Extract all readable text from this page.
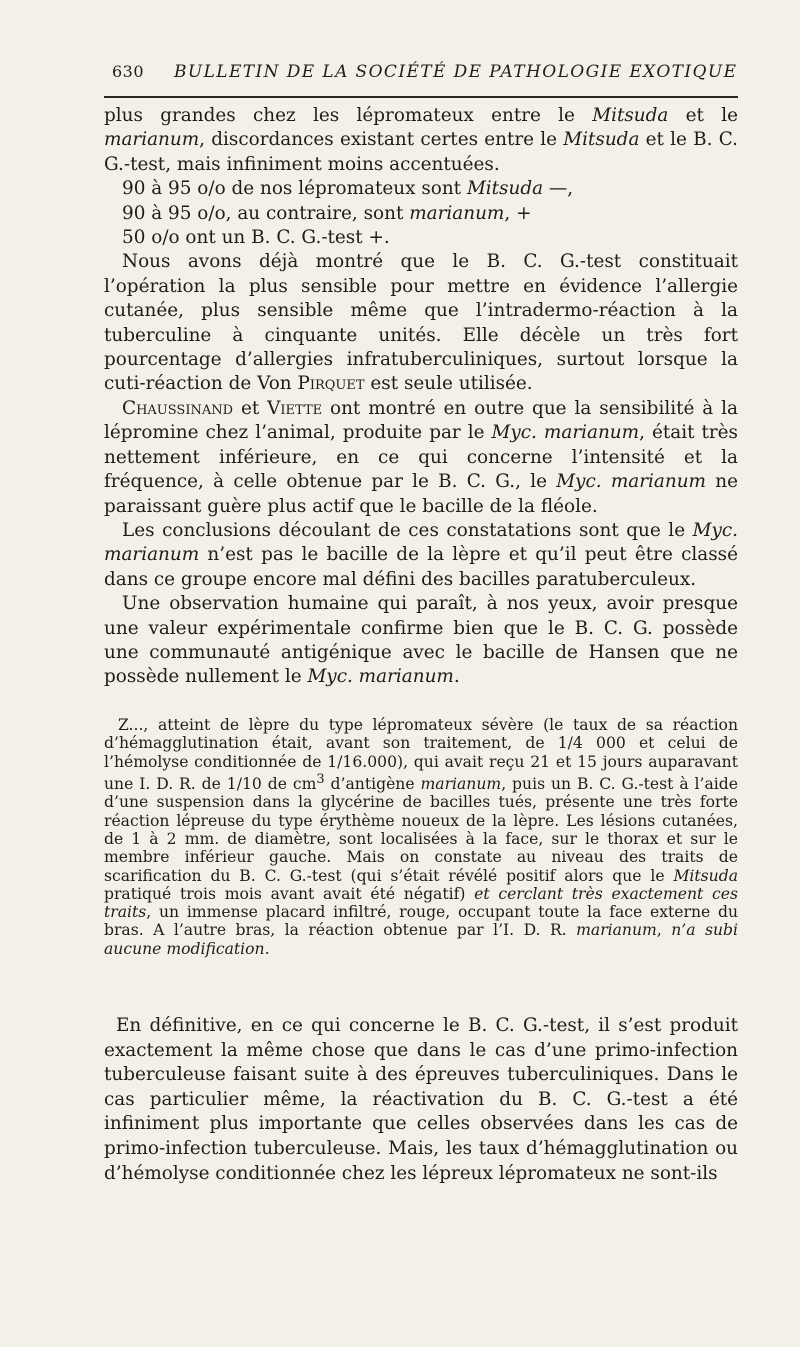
630 BULLETIN DE LA SOCIÉTÉ DE PATHOLOGIE EXOTIQUE

plus grandes chez les lépromateux entre le Mitsuda et le marianum, discordances existant certes entre le Mitsuda et le B. C. G.-test, mais infiniment moins accentuées.

90 à 95 o/o de nos lépromateux sont Mitsuda —,

90 à 95 o/o, au contraire, sont marianum, +

50 o/o ont un B. C. G.-test +.

Nous avons déjà montré que le B. C. G.-test constituait l’opération la plus sensible pour mettre en évidence l’allergie cutanée, plus sensible même que l’intradermo-réaction à la tuberculine à cinquante unités. Elle décèle un très fort pourcentage d’allergies infratuberculiniques, surtout lorsque la cuti-réaction de Von Pirquet est seule utilisée.

Chaussinand et Viette ont montré en outre que la sensibilité à la lépromine chez l’animal, produite par le Myc. marianum, était très nettement inférieure, en ce qui concerne l’intensité et la fréquence, à celle obtenue par le B. C. G., le Myc. marianum ne paraissant guère plus actif que le bacille de la fléole.

Les conclusions découlant de ces constatations sont que le Myc. marianum n’est pas le bacille de la lèpre et qu’il peut être classé dans ce groupe encore mal défini des bacilles paratuberculeux.

Une observation humaine qui paraît, à nos yeux, avoir presque une valeur expérimentale confirme bien que le B. C. G. possède une communauté antigénique avec le bacille de Hansen que ne possède nullement le Myc. marianum.

Z..., atteint de lèpre du type lépromateux sévère (le taux de sa réaction d’hémagglutination était, avant son traitement, de 1/4 000 et celui de l’hémolyse conditionnée de 1/16.000), qui avait reçu 21 et 15 jours auparavant une I. D. R. de 1/10 de $cm^3$ d’antigène marianum, puis un B. C. G.-test à l’aide d’une suspension dans la glycérine de bacilles tués, présente une très forte réaction lépreuse du type érythème noueux de la lèpre. Les lésions cutanées, de 1 à 2 mm. de diamètre, sont localisées à la face, sur le thorax et sur le membre inférieur gauche. Mais on constate au niveau des traits de scarification du B. C. G.-test (qui s’était révélé positif alors que le Mitsuda pratiqué trois mois avant avait été négatif) et cerclant très exactement ces traits, un immense placard infiltré, rouge, occupant toute la face externe du bras. A l’autre bras, la réaction obtenue par l’I. D. R. marianum, n’a subi aucune modification.

En définitive, en ce qui concerne le B. C. G.-test, il s’est produit exactement la même chose que dans le cas d’une primo-infection tuberculeuse faisant suite à des épreuves tuberculiniques. Dans le cas particulier même, la réactivation du B. C. G.-test a été infiniment plus importante que celles observées dans les cas de primo-infection tuberculeuse. Mais, les taux d’hémagglutination ou d’hémolyse conditionnée chez les lépreux lépromateux ne sont-ils
